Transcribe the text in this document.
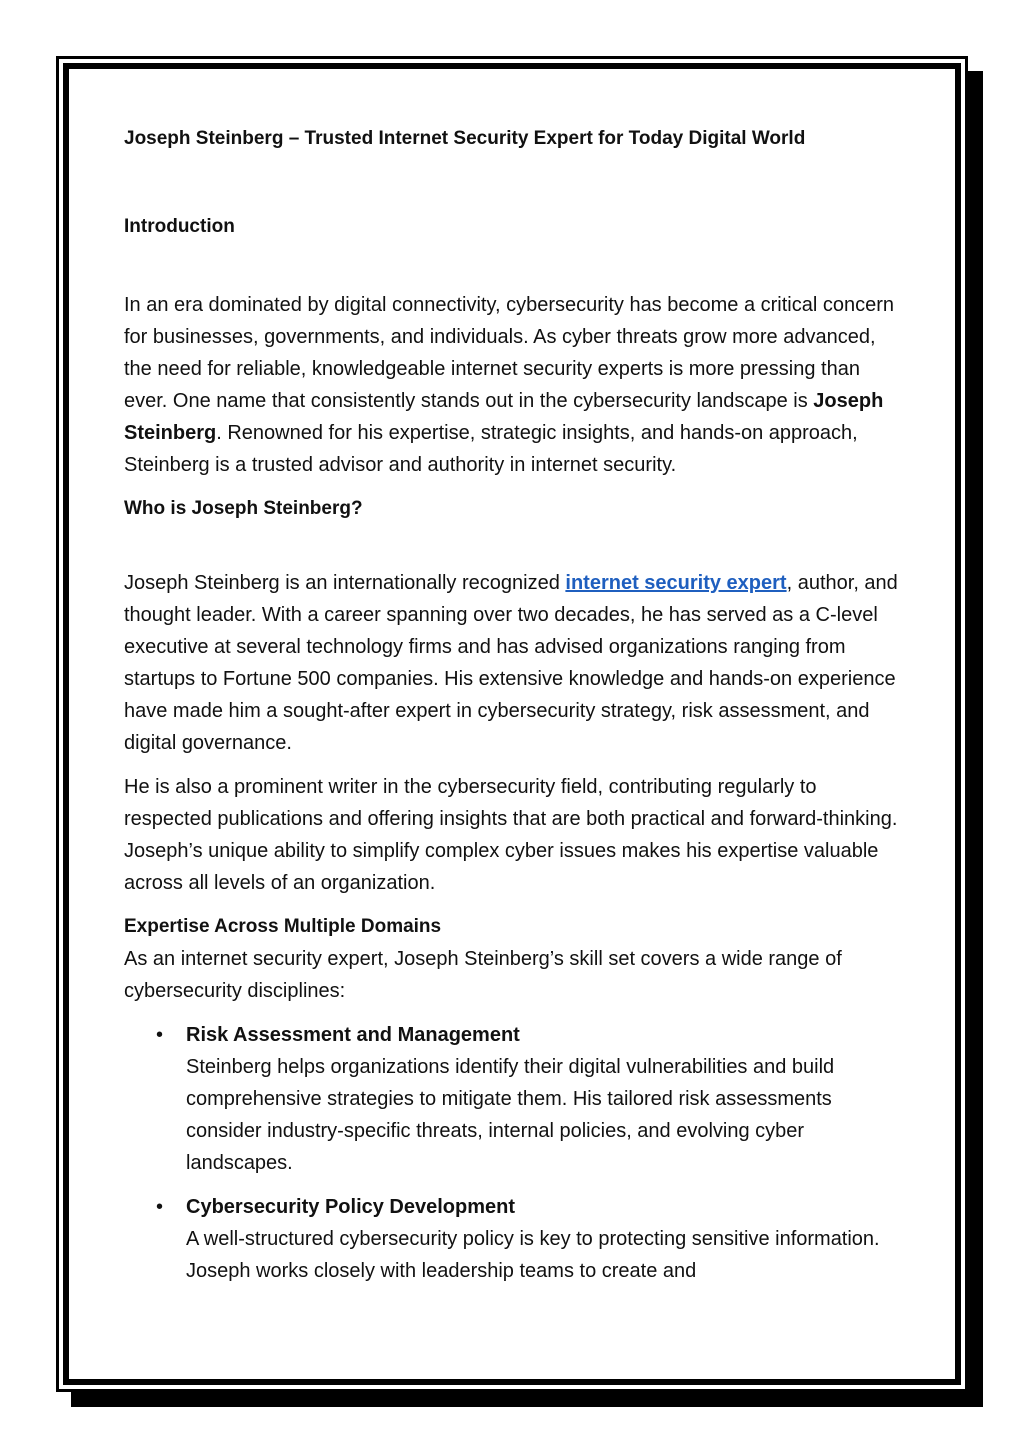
Joseph Steinberg – Trusted Internet Security Expert for Today Digital World

Introduction

In an era dominated by digital connectivity, cybersecurity has become a critical concern for businesses, governments, and individuals. As cyber threats grow more advanced, the need for reliable, knowledgeable internet security experts is more pressing than ever. One name that consistently stands out in the cybersecurity landscape is Joseph Steinberg. Renowned for his expertise, strategic insights, and hands-on approach, Steinberg is a trusted advisor and authority in internet security.

Who is Joseph Steinberg?

Joseph Steinberg is an internationally recognized internet security expert, author, and thought leader. With a career spanning over two decades, he has served as a C-level executive at several technology firms and has advised organizations ranging from startups to Fortune 500 companies. His extensive knowledge and hands-on experience have made him a sought-after expert in cybersecurity strategy, risk assessment, and digital governance.

He is also a prominent writer in the cybersecurity field, contributing regularly to respected publications and offering insights that are both practical and forward-thinking. Joseph’s unique ability to simplify complex cyber issues makes his expertise valuable across all levels of an organization.

Expertise Across Multiple Domains

As an internet security expert, Joseph Steinberg’s skill set covers a wide range of cybersecurity disciplines:

• Risk Assessment and Management
Steinberg helps organizations identify their digital vulnerabilities and build comprehensive strategies to mitigate them. His tailored risk assessments consider industry-specific threats, internal policies, and evolving cyber landscapes.
• Cybersecurity Policy Development
A well-structured cybersecurity policy is key to protecting sensitive information. Joseph works closely with leadership teams to create and
